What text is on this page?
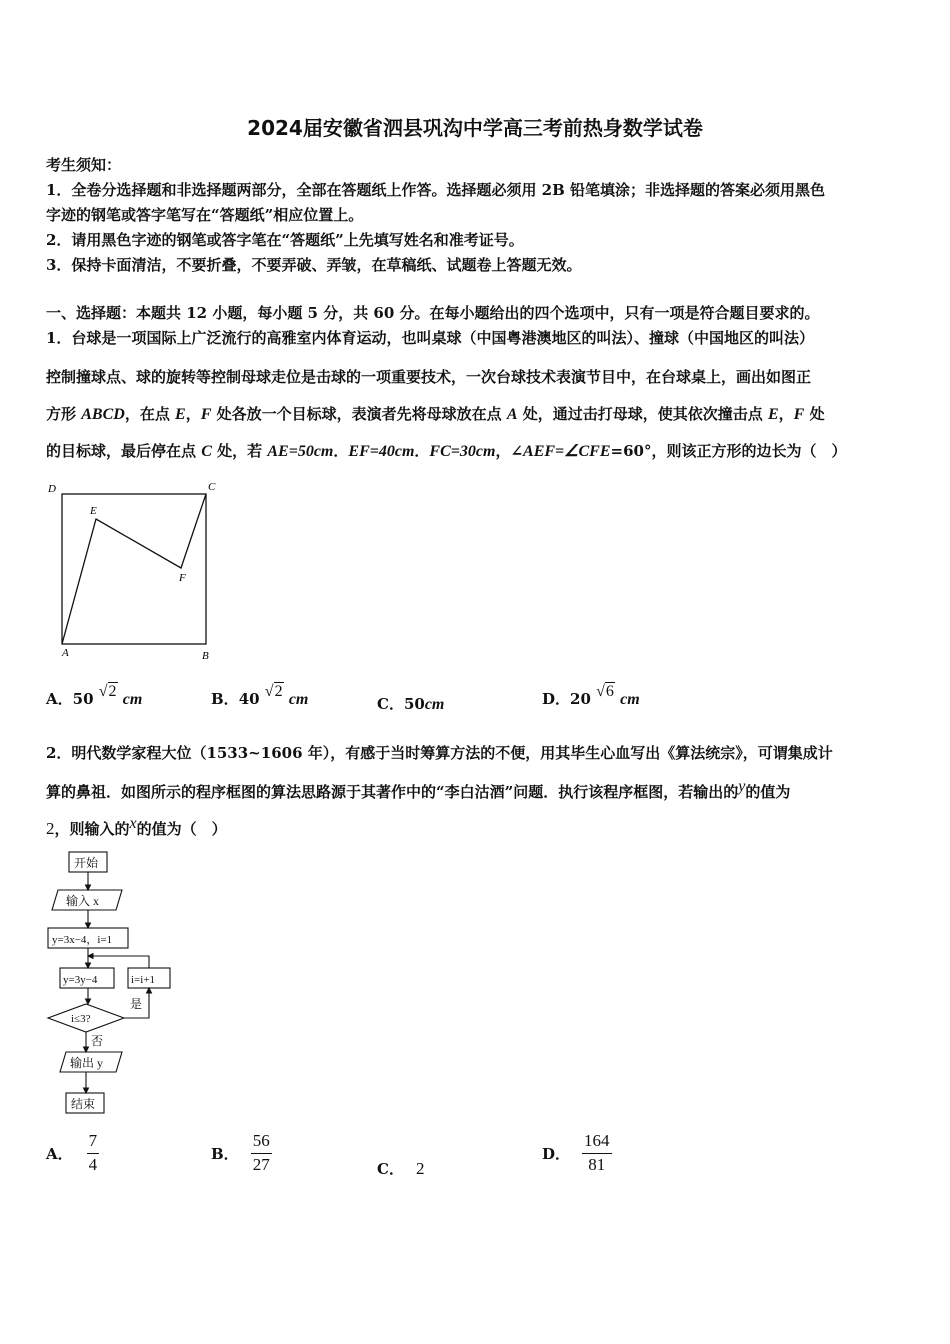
2024届安徽省泗县巩沟中学高三考前热身数学试卷
考生须知：
1．全卷分选择题和非选择题两部分，全部在答题纸上作答。选择题必须用 2B 铅笔填涂；非选择题的答案必须用黑色
字迹的钢笔或答字笔写在“答题纸”相应位置上。
2．请用黑色字迹的钢笔或答字笔在“答题纸”上先填写姓名和准考证号。
3．保持卡面清洁，不要折叠，不要弄破、弄皱，在草稿纸、试题卷上答题无效。
一、选择题：本题共 12 小题，每小题 5 分，共 60 分。在每小题给出的四个选项中，只有一项是符合题目要求的。
1．台球是一项国际上广泛流行的高雅室内体育运动，也叫桌球（中国粤港澳地区的叫法）、撞球（中国地区的叫法）
控制撞球点、球的旋转等控制母球走位是击球的一项重要技术，一次台球技术表演节目中，在台球桌上，画出如图正
方形 ABCD，在点 E，F 处各放一个目标球，表演者先将母球放在点 A 处，通过击打母球，使其依次撞击点 E，F 处
的目标球，最后停在点 C 处，若 AE=50cm．EF=40cm．FC=30cm，∠AEF=∠CFE=60°，则该正方形的边长为（　）
D	C
E
F
A	B
A．50 √2 cm	B．40 √2 cm	C．50cm	D．20 √6 cm
2．明代数学家程大位（1533~1606 年），有感于当时筹算方法的不便，用其毕生心血写出《算法统宗》，可谓集成计
算的鼻祖．如图所示的程序框图的算法思路源于其著作中的“李白沽酒”问题．执行该程序框图，若输出的$^y$的值为
2，则输入的$^x$的值为（　）
开始
输入 x
y=3x−4，i=1
y=3y−4	i=i+1
i≤3?
是
否
输出 y
结束
A． $\frac{7}{4}$	B． $\frac{56}{27}$	C． 2
D． $\frac{164}{81}$
